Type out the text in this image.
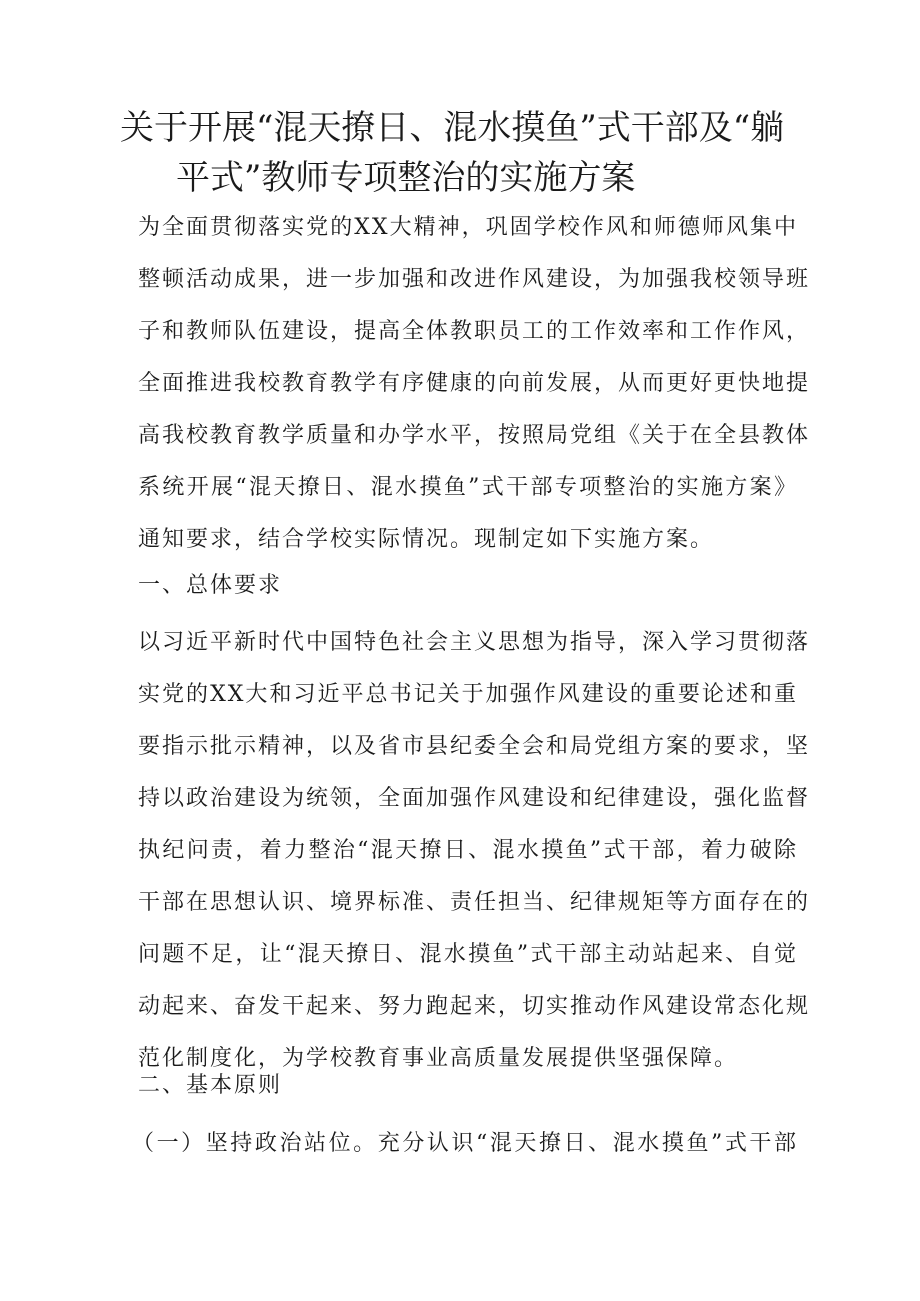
关于开展“混天撩日、混水摸鱼”式干部及“躺
平式”教师专项整治的实施方案
为全面贯彻落实党的XX大精神，巩固学校作风和师德师风集中
整顿活动成果，进一步加强和改进作风建设，为加强我校领导班
子和教师队伍建设，提高全体教职员工的工作效率和工作作风，
全面推进我校教育教学有序健康的向前发展，从而更好更快地提
高我校教育教学质量和办学水平，按照局党组《关于在全县教体
系统开展“混天撩日、混水摸鱼”式干部专项整治的实施方案》
通知要求，结合学校实际情况。现制定如下实施方案。
一、总体要求
以习近平新时代中国特色社会主义思想为指导，深入学习贯彻落
实党的XX大和习近平总书记关于加强作风建设的重要论述和重
要指示批示精神，以及省市县纪委全会和局党组方案的要求，坚
持以政治建设为统领，全面加强作风建设和纪律建设，强化监督
执纪问责，着力整治“混天撩日、混水摸鱼”式干部，着力破除
干部在思想认识、境界标准、责任担当、纪律规矩等方面存在的
问题不足，让“混天撩日、混水摸鱼”式干部主动站起来、自觉
动起来、奋发干起来、努力跑起来，切实推动作风建设常态化规
范化制度化，为学校教育事业高质量发展提供坚强保障。
二、基本原则
（一）坚持政治站位。充分认识“混天撩日、混水摸鱼”式干部
